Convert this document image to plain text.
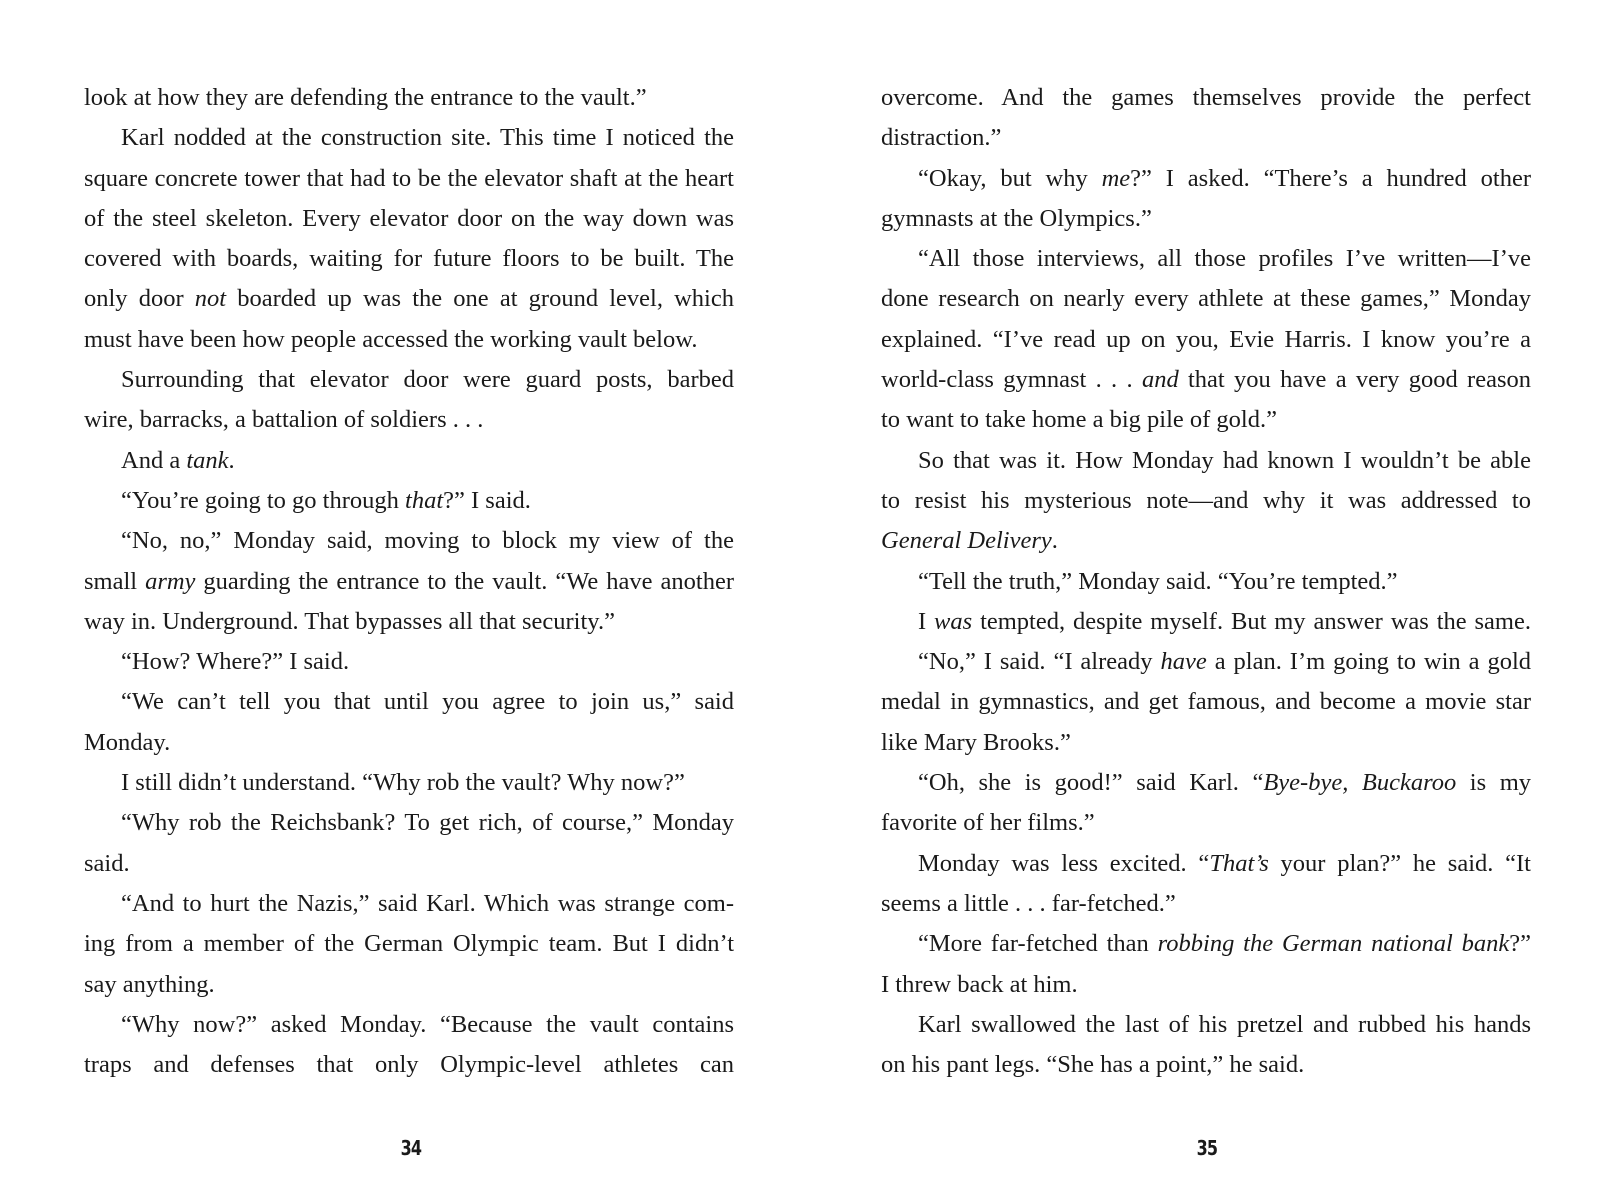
look at how they are defending the entrance to the vault.”
Karl nodded at the construction site. This time I noticed the
square concrete tower that had to be the elevator shaft at the heart
of the steel skeleton. Every elevator door on the way down was
covered with boards, waiting for future floors to be built. The
only door not boarded up was the one at ground level, which
must have been how people accessed the working vault below.
Surrounding that elevator door were guard posts, barbed
wire, barracks, a battalion of soldiers . . .
And a tank.
“You’re going to go through that?” I said.
“No, no,” Monday said, moving to block my view of the
small army guarding the entrance to the vault. “We have another
way in. Underground. That bypasses all that security.”
“How? Where?” I said.
“We can’t tell you that until you agree to join us,” said
Monday.
I still didn’t understand. “Why rob the vault? Why now?”
“Why rob the Reichsbank? To get rich, of course,” Monday
said.
“And to hurt the Nazis,” said Karl. Which was strange com-
ing from a member of the German Olympic team. But I didn’t
say anything.
“Why now?” asked Monday. “Because the vault contains
traps and defenses that only Olympic-level athletes can
overcome. And the games themselves provide the perfect
distraction.”
“Okay, but why me?” I asked. “There’s a hundred other
gymnasts at the Olympics.”
“All those interviews, all those profiles I’ve written—I’ve
done research on nearly every athlete at these games,” Monday
explained. “I’ve read up on you, Evie Harris. I know you’re a
world-class gymnast . . . and that you have a very good reason
to want to take home a big pile of gold.”
So that was it. How Monday had known I wouldn’t be able
to resist his mysterious note—and why it was addressed to
General Delivery.
“Tell the truth,” Monday said. “You’re tempted.”
I was tempted, despite myself. But my answer was the same.
“No,” I said. “I already have a plan. I’m going to win a gold
medal in gymnastics, and get famous, and become a movie star
like Mary Brooks.”
“Oh, she is good!” said Karl. “Bye-bye, Buckaroo is my
favorite of her films.”
Monday was less excited. “That’s your plan?” he said. “It
seems a little . . . far-fetched.”
“More far-fetched than robbing the German national bank?”
I threw back at him.
Karl swallowed the last of his pretzel and rubbed his hands
on his pant legs. “She has a point,” he said.
34	35
